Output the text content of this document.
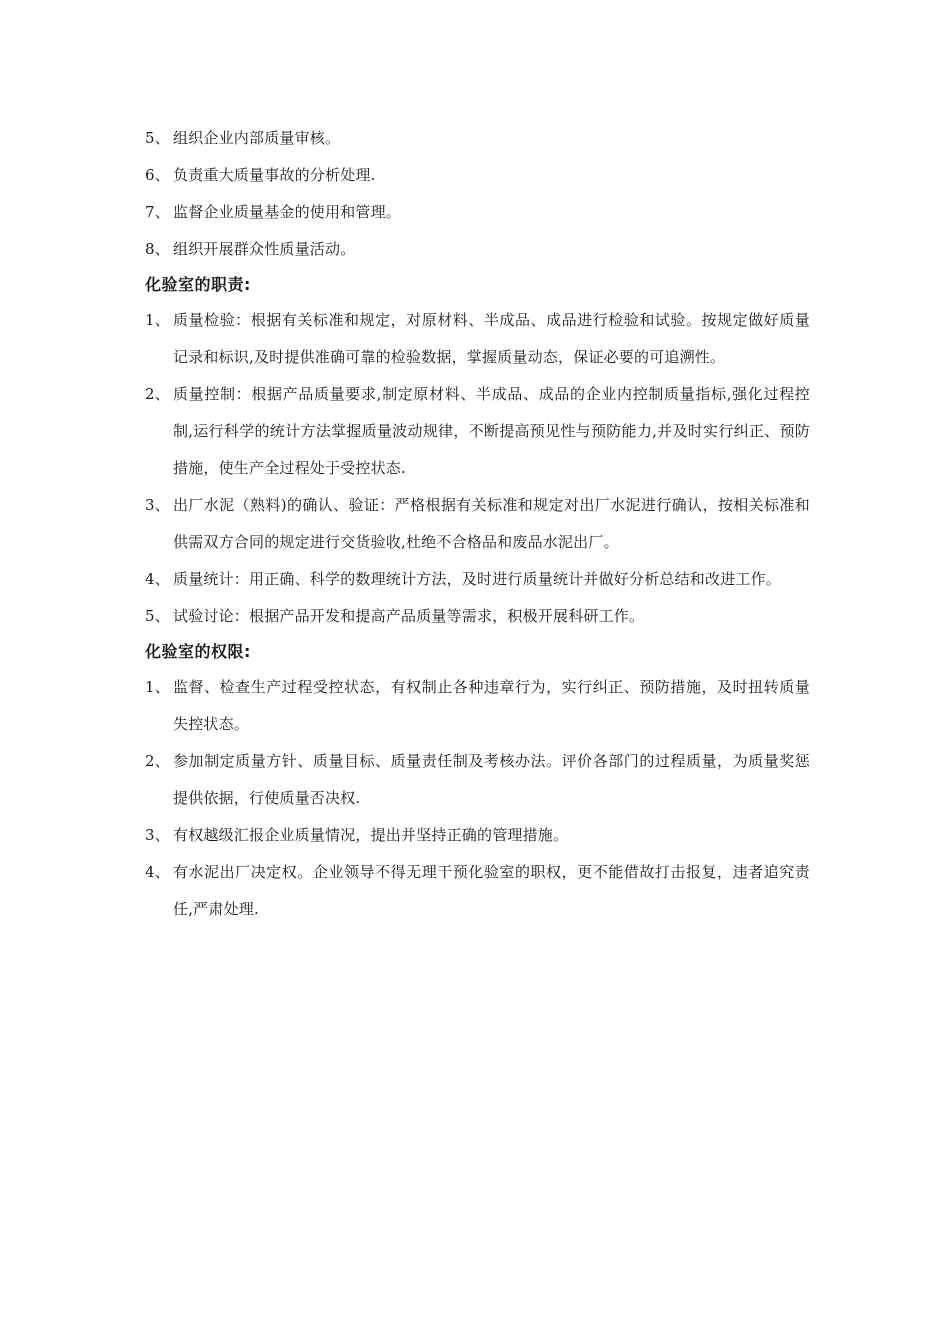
5、 组织企业内部质量审核。
6、 负责重大质量事故的分析处理.
7、 监督企业质量基金的使用和管理。
8、 组织开展群众性质量活动。
化验室的职责:
1、 质量检验：根据有关标准和规定，对原材料、半成品、成品进行检验和试验。按规定做好质量记录和标识,及时提供准确可靠的检验数据，掌握质量动态，保证必要的可追溯性。
2、 质量控制：根据产品质量要求,制定原材料、半成品、成品的企业内控制质量指标,强化过程控制,运行科学的统计方法掌握质量波动规律，不断提高预见性与预防能力,并及时实行纠正、预防措施，使生产全过程处于受控状态.
3、 出厂水泥（熟料)的确认、验证：严格根据有关标准和规定对出厂水泥进行确认，按相关标准和供需双方合同的规定进行交货验收,杜绝不合格品和废品水泥出厂。
4、 质量统计：用正确、科学的数理统计方法，及时进行质量统计并做好分析总结和改进工作。
5、 试验讨论：根据产品开发和提高产品质量等需求，积极开展科研工作。
化验室的权限:
1、 监督、检查生产过程受控状态，有权制止各种违章行为，实行纠正、预防措施，及时扭转质量失控状态。
2、 参加制定质量方针、质量目标、质量责任制及考核办法。评价各部门的过程质量，为质量奖惩提供依据，行使质量否决权.
3、 有权越级汇报企业质量情况，提出并坚持正确的管理措施。
4、 有水泥出厂决定权。企业领导不得无理干预化验室的职权，更不能借故打击报复，违者追究责任,严肃处理.
